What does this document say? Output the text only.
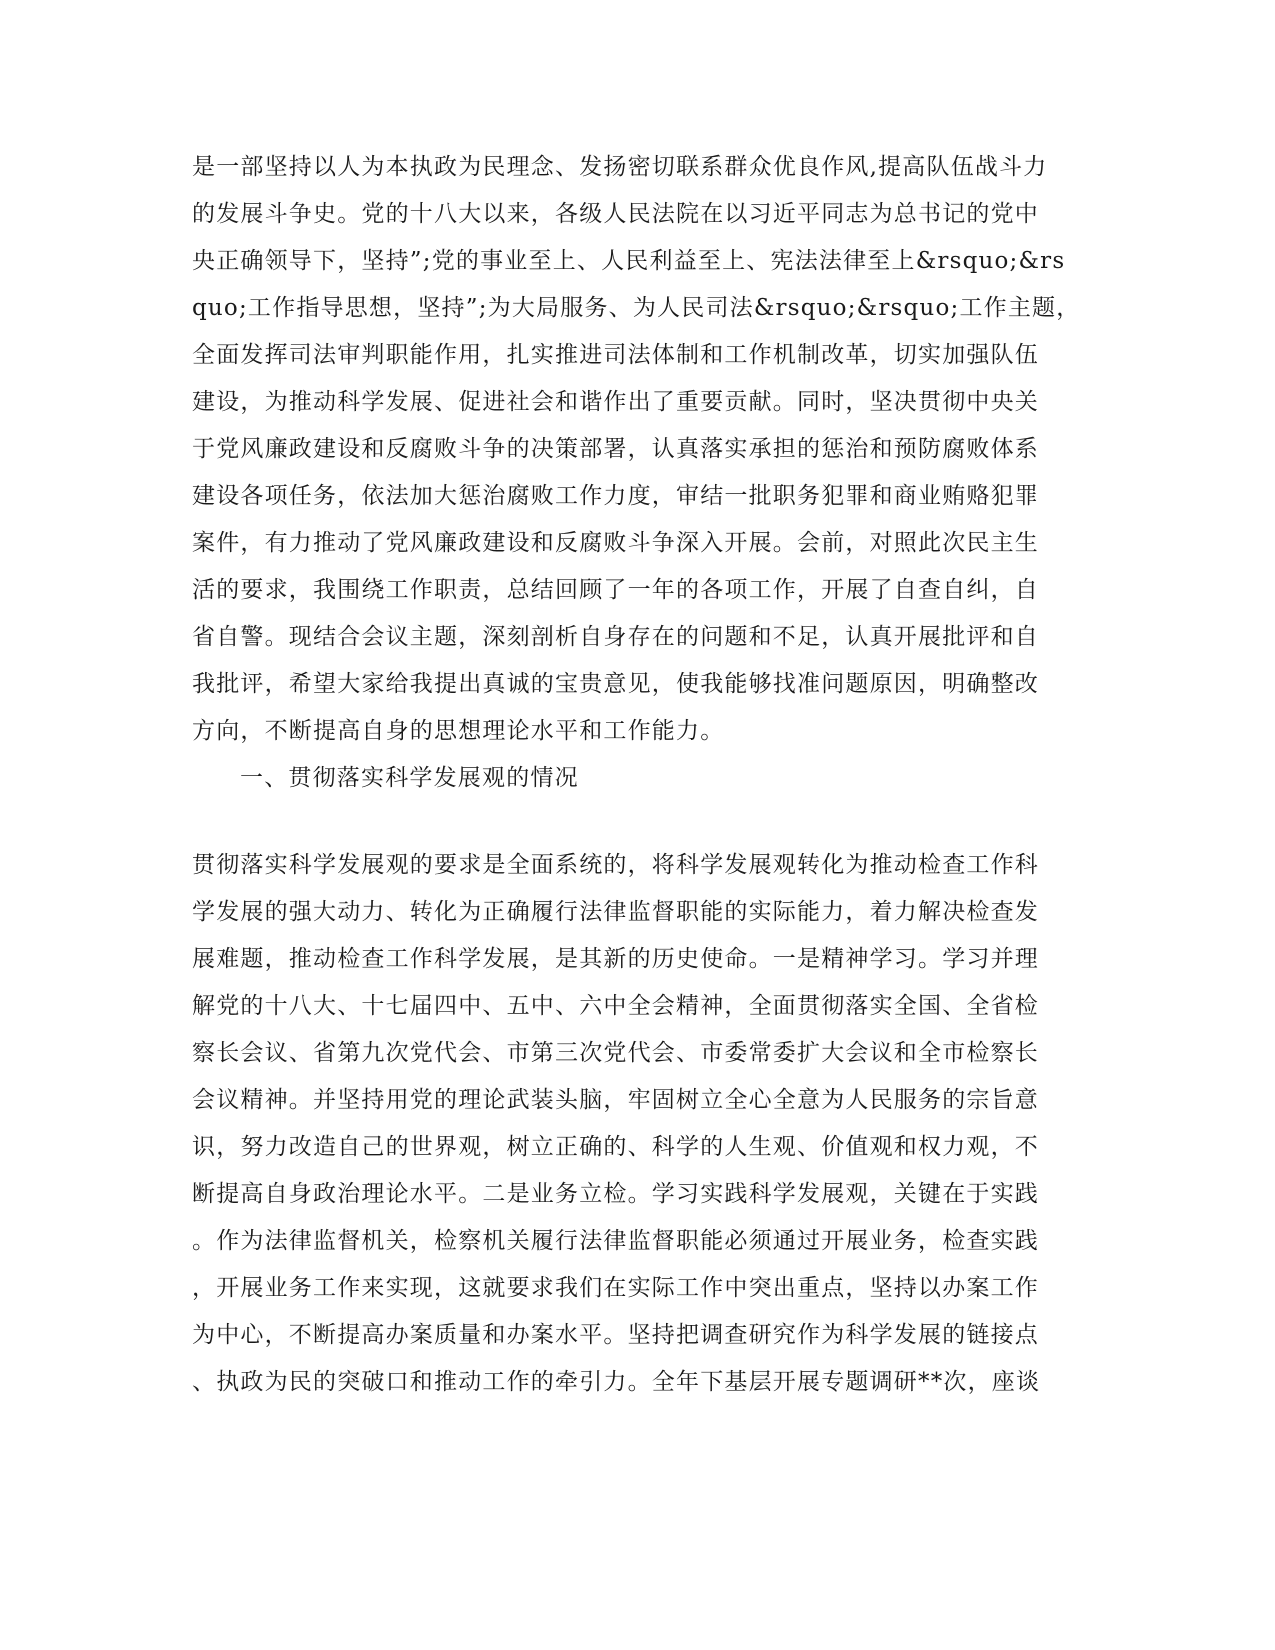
是一部坚持以人为本执政为民理念、发扬密切联系群众优良作风,提高队伍战斗力
的发展斗争史。党的十八大以来，各级人民法院在以习近平同志为总书记的党中
央正确领导下，坚持”;党的事业至上、人民利益至上、宪法法律至上&rsquo;&rs
quo;工作指导思想，坚持”;为大局服务、为人民司法&rsquo;&rsquo;工作主题，
全面发挥司法审判职能作用，扎实推进司法体制和工作机制改革，切实加强队伍
建设，为推动科学发展、促进社会和谐作出了重要贡献。同时，坚决贯彻中央关
于党风廉政建设和反腐败斗争的决策部署，认真落实承担的惩治和预防腐败体系
建设各项任务，依法加大惩治腐败工作力度，审结一批职务犯罪和商业贿赂犯罪
案件，有力推动了党风廉政建设和反腐败斗争深入开展。会前，对照此次民主生
活的要求，我围绕工作职责，总结回顾了一年的各项工作，开展了自查自纠，自
省自警。现结合会议主题，深刻剖析自身存在的问题和不足，认真开展批评和自
我批评，希望大家给我提出真诚的宝贵意见，使我能够找准问题原因，明确整改
方向，不断提高自身的思想理论水平和工作能力。
一、贯彻落实科学发展观的情况
贯彻落实科学发展观的要求是全面系统的，将科学发展观转化为推动检查工作科
学发展的强大动力、转化为正确履行法律监督职能的实际能力，着力解决检查发
展难题，推动检查工作科学发展，是其新的历史使命。一是精神学习。学习并理
解党的十八大、十七届四中、五中、六中全会精神，全面贯彻落实全国、全省检
察长会议、省第九次党代会、市第三次党代会、市委常委扩大会议和全市检察长
会议精神。并坚持用党的理论武装头脑，牢固树立全心全意为人民服务的宗旨意
识，努力改造自己的世界观，树立正确的、科学的人生观、价值观和权力观，不
断提高自身政治理论水平。二是业务立检。学习实践科学发展观，关键在于实践
。作为法律监督机关，检察机关履行法律监督职能必须通过开展业务，检查实践
，开展业务工作来实现，这就要求我们在实际工作中突出重点，坚持以办案工作
为中心，不断提高办案质量和办案水平。坚持把调查研究作为科学发展的链接点
、执政为民的突破口和推动工作的牵引力。全年下基层开展专题调研**次，座谈
